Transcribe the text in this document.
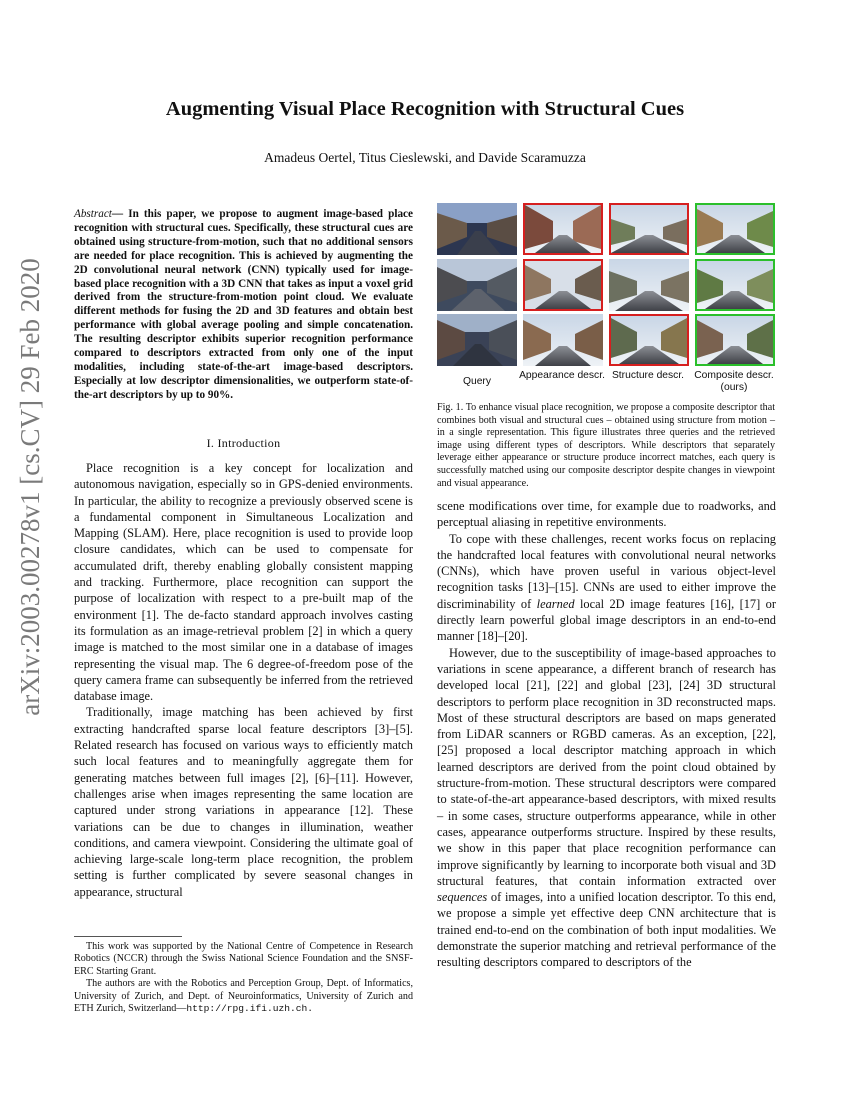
arXiv:2003.00278v1 [cs.CV] 29 Feb 2020
Augmenting Visual Place Recognition with Structural Cues
Amadeus Oertel, Titus Cieslewski, and Davide Scaramuzza
Abstract— In this paper, we propose to augment image-based place recognition with structural cues. Specifically, these structural cues are obtained using structure-from-motion, such that no additional sensors are needed for place recognition. This is achieved by augmenting the 2D convolutional neural network (CNN) typically used for image-based place recognition with a 3D CNN that takes as input a voxel grid derived from the structure-from-motion point cloud. We evaluate different methods for fusing the 2D and 3D features and obtain best performance with global average pooling and simple concatenation. The resulting descriptor exhibits superior recognition performance compared to descriptors extracted from only one of the input modalities, including state-of-the-art image-based descriptors. Especially at low descriptor dimensionalities, we outperform state-of-the-art descriptors by up to 90%.
I. Introduction

Place recognition is a key concept for localization and autonomous navigation, especially so in GPS-denied environments. In particular, the ability to recognize a previously observed scene is a fundamental component in Simultaneous Localization and Mapping (SLAM). Here, place recognition is used to provide loop closure candidates, which can be used to compensate for accumulated drift, thereby enabling globally consistent mapping and tracking. Furthermore, place recognition can support the purpose of localization with respect to a pre-built map of the environment [1]. The de-facto standard approach involves casting its formulation as an image-retrieval problem [2] in which a query image is matched to the most similar one in a database of images representing the visual map. The 6 degree-of-freedom pose of the query camera frame can subsequently be inferred from the retrieved database image.

Traditionally, image matching has been achieved by first extracting handcrafted sparse local feature descriptors [3]–[5]. Related research has focused on various ways to efficiently match such local features and to meaningfully aggregate them for generating matches between full images [2], [6]–[11]. However, challenges arise when images representing the same location are captured under strong variations in appearance [12]. These variations can be due to changes in illumination, weather conditions, and camera viewpoint. Considering the ultimate goal of achieving large-scale long-term place recognition, the problem setting is further complicated by severe seasonal changes in appearance, structural

This work was supported by the National Centre of Competence in Research Robotics (NCCR) through the Swiss National Science Foundation and the SNSF-ERC Starting Grant.

The authors are with the Robotics and Perception Group, Dept. of Informatics, University of Zurich, and Dept. of Neuroinformatics, University of Zurich and ETH Zurich, Switzerland—http://rpg.ifi.uzh.ch.

Query
Appearance descr. Structure descr. Composite descr. (ours)
Fig. 1. To enhance visual place recognition, we propose a composite descriptor that combines both visual and structural cues – obtained using structure from motion – in a single representation. This figure illustrates three queries and the retrieved image using different types of descriptors. While descriptors that separately leverage either appearance or structure produce incorrect matches, each query is successfully matched using our composite descriptor despite changes in viewpoint and visual appearance.

scene modifications over time, for example due to roadworks, and perceptual aliasing in repetitive environments.

To cope with these challenges, recent works focus on replacing the handcrafted local features with convolutional neural networks (CNNs), which have proven useful in various object-level recognition tasks [13]–[15]. CNNs are used to either improve the discriminability of learned local 2D image features [16], [17] or directly learn powerful global image descriptors in an end-to-end manner [18]–[20].

However, due to the susceptibility of image-based approaches to variations in scene appearance, a different branch of research has developed local [21], [22] and global [23], [24] 3D structural descriptors to perform place recognition in 3D reconstructed maps. Most of these structural descriptors are based on maps generated from LiDAR scanners or RGBD cameras. As an exception, [22], [25] proposed a local descriptor matching approach in which learned descriptors are derived from the point cloud obtained by structure-from-motion. These structural descriptors were compared to state-of-the-art appearance-based descriptors, with mixed results – in some cases, structure outperforms appearance, while in other cases, appearance outperforms structure. Inspired by these results, we show in this paper that place recognition performance can improve significantly by learning to incorporate both visual and 3D structural features, that contain information extracted over sequences of images, into a unified location descriptor. To this end, we propose a simple yet effective deep CNN architecture that is trained end-to-end on the combination of both input modalities. We demonstrate the superior matching and retrieval performance of the resulting descriptors compared to descriptors of the
